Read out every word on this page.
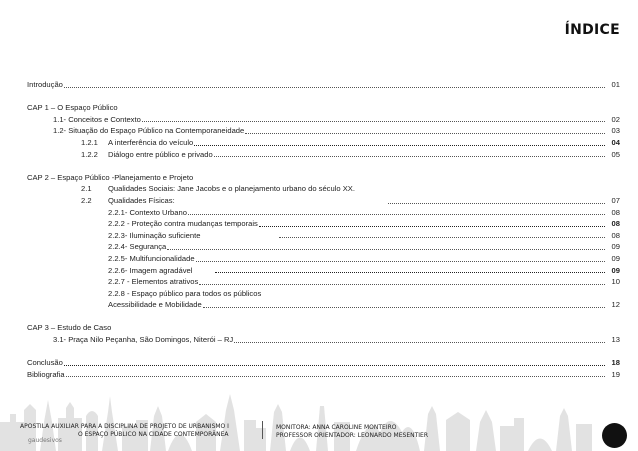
ÍNDICE
Introdução	01
CAP 1 – O Espaço Público
1.1- Conceitos e Contexto	02
1.2- Situação do Espaço Público na Contemporaneidade	03
1.2.1	A interferência do veículo	04
1.2.2	Diálogo entre público e privado	05
CAP 2 – Espaço Público -Planejamento e Projeto
2.1	Qualidades Sociais: Jane Jacobs e o planejamento urbano do século XX.
2.2	Qualidades Físicas:	07
2.2.1- Contexto Urbano	08
2.2.2 - Proteção contra mudanças temporais	08
2.2.3- Iluminação suficiente	08
2.2.4- Segurança	09
2.2.5- Multifuncionalidade	09
2.2.6- Imagem agradável	09
2.2.7 - Elementos atrativos	10
2.2.8 - Espaço público para todos os públicos
Acessibilidade e Mobilidade	12
CAP 3 – Estudo de Caso
3.1- Praça Nilo Peçanha, São Domingos, Niterói – RJ	13
Conclusão	18
Bibliografia	19
APOSTILA AUXILIAR PARA A DISCIPLINA DE PROJETO DE URBANISMO I
O ESPAÇO PÚBLICO NA CIDADE CONTEMPORÂNEA
gaudesivos
MONITORA: ANNA CAROLINE MONTEIRO
PROFESSOR ORIENTADOR: LEONARDO MESENTIER
